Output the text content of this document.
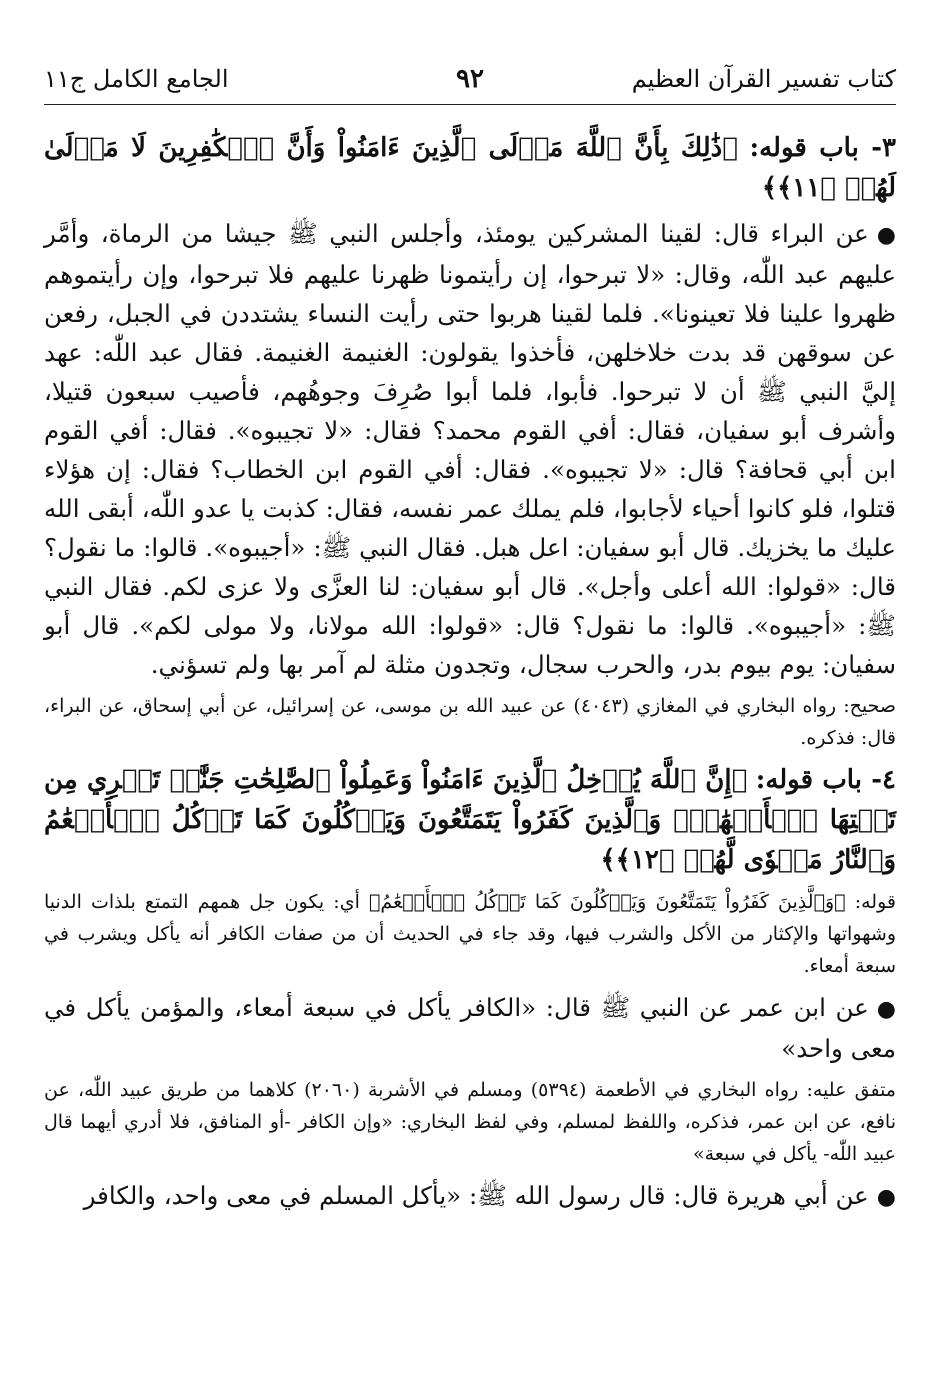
كتاب تفسير القرآن العظيم
٩٢
الجامع الكامل ج١١

٣- باب قوله: ﴿ذَٰلِكَ بِأَنَّ ٱللَّهَ مَوۡلَى ٱلَّذِينَ ءَامَنُواْ وَأَنَّ ٱلۡكَٰفِرِينَ لَا مَوۡلَىٰ لَهُمۡ ﴿١١﴾﴾

●عن البراء قال: لقينا المشركين يومئذ، وأجلس النبي ﷺ جيشا من الرماة، وأمَّر عليهم عبد اللّٰه، وقال: «لا تبرحوا، إن رأيتمونا ظهرنا عليهم فلا تبرحوا، وإن رأيتموهم ظهروا علينا فلا تعينونا». فلما لقينا هربوا حتى رأيت النساء يشتددن في الجبل، رفعن عن سوقهن قد بدت خلاخلهن، فأخذوا يقولون: الغنيمة الغنيمة. فقال عبد اللّٰه: عهد إليَّ النبي ﷺ أن لا تبرحوا. فأبوا، فلما أبوا صُرِفَ وجوهُهم، فأصيب سبعون قتيلا، وأشرف أبو سفيان، فقال: أفي القوم محمد؟ فقال: «لا تجيبوه». فقال: أفي القوم ابن أبي قحافة؟ قال: «لا تجيبوه». فقال: أفي القوم ابن الخطاب؟ فقال: إن هؤلاء قتلوا، فلو كانوا أحياء لأجابوا، فلم يملك عمر نفسه، فقال: كذبت يا عدو اللّٰه، أبقى الله عليك ما يخزيك. قال أبو سفيان: اعل هبل. فقال النبي ﷺ: «أجيبوه». قالوا: ما نقول؟ قال: «قولوا: الله أعلى وأجل». قال أبو سفيان: لنا العزَّى ولا عزى لكم. فقال النبي ﷺ: «أجيبوه». قالوا: ما نقول؟ قال: «قولوا: الله مولانا، ولا مولى لكم». قال أبو سفيان: يوم بيوم بدر، والحرب سجال، وتجدون مثلة لم آمر بها ولم تسؤني.

صحيح: رواه البخاري في المغازي (٤٠٤٣) عن عبيد الله بن موسى، عن إسرائيل، عن أبي إسحاق، عن البراء، قال: فذكره.

٤- باب قوله: ﴿إِنَّ ٱللَّهَ يُدۡخِلُ ٱلَّذِينَ ءَامَنُواْ وَعَمِلُواْ ٱلصَّٰلِحَٰتِ جَنَّٰتٖ تَجۡرِي مِن تَحۡتِهَا ٱلۡأَنۡهَٰرُۖ وَٱلَّذِينَ كَفَرُواْ يَتَمَتَّعُونَ وَيَأۡكُلُونَ كَمَا تَأۡكُلُ ٱلۡأَنۡعَٰمُ وَٱلنَّارُ مَثۡوٗى لَّهُمۡ ﴿١٢﴾﴾

قوله: ﴿وَٱلَّذِينَ كَفَرُواْ يَتَمَتَّعُونَ وَيَأۡكُلُونَ كَمَا تَأۡكُلُ ٱلۡأَنۡعَٰمُ﴾ أي: يكون جل همهم التمتع بلذات الدنيا وشهواتها والإكثار من الأكل والشرب فيها، وقد جاء في الحديث أن من صفات الكافر أنه يأكل ويشرب في سبعة أمعاء.

●عن ابن عمر عن النبي ﷺ قال: «الكافر يأكل في سبعة أمعاء، والمؤمن يأكل في معى واحد»

متفق عليه: رواه البخاري في الأطعمة (٥٣٩٤) ومسلم في الأشربة (٢٠٦٠) كلاهما من طريق عبيد اللّٰه، عن نافع، عن ابن عمر، فذكره، واللفظ لمسلم، وفي لفظ البخاري: «وإن الكافر -أو المنافق، فلا أدري أيهما قال عبيد اللّٰه- يأكل في سبعة»

●عن أبي هريرة قال: قال رسول الله ﷺ: «يأكل المسلم في معى واحد، والكافر
